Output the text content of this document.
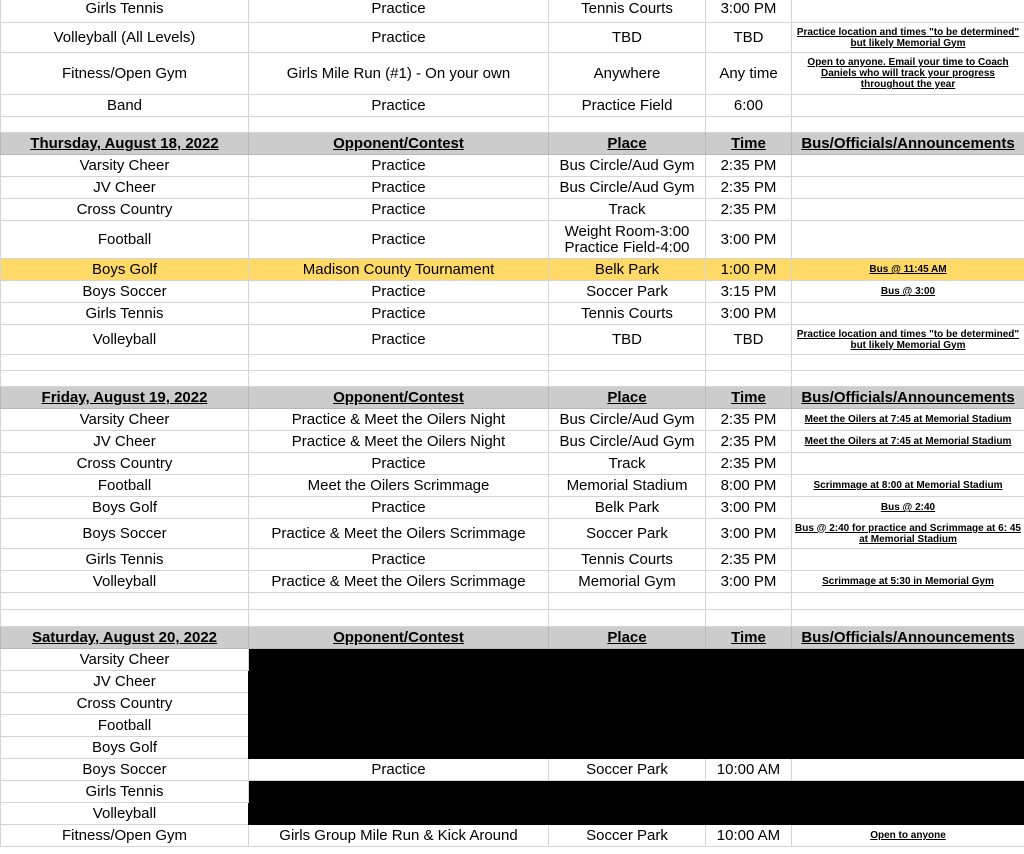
Girls Tennis	Practice	Tennis Courts	3:00 PM	
Volleyball (All Levels)	Practice	TBD	TBD	Practice location and times "to be determined" but likely Memorial Gym
Fitness/Open Gym	Girls Mile Run (#1) - On your own	Anywhere	Any time	Open to anyone. Email your time to Coach Daniels who will track your progress throughout the year
Band	Practice	Practice Field	6:00	

Thursday, August 18, 2022	Opponent/Contest	Place	Time	Bus/Officials/Announcements
Varsity Cheer	Practice	Bus Circle/Aud Gym	2:35 PM	
JV Cheer	Practice	Bus Circle/Aud Gym	2:35 PM	
Cross Country	Practice	Track	2:35 PM	
Football	Practice	Weight Room-3:00 Practice Field-4:00	3:00 PM	
Boys Golf	Madison County Tournament	Belk Park	1:00 PM	Bus @ 11:45 AM
Boys Soccer	Practice	Soccer Park	3:15 PM	Bus @ 3:00
Girls Tennis	Practice	Tennis Courts	3:00 PM	
Volleyball	Practice	TBD	TBD	Practice location and times "to be determined" but likely Memorial Gym

Friday, August 19, 2022	Opponent/Contest	Place	Time	Bus/Officials/Announcements
Varsity Cheer	Practice & Meet the Oilers Night	Bus Circle/Aud Gym	2:35 PM	Meet the Oilers at 7:45 at Memorial Stadium
JV Cheer	Practice & Meet the Oilers Night	Bus Circle/Aud Gym	2:35 PM	Meet the Oilers at 7:45 at Memorial Stadium
Cross Country	Practice	Track	2:35 PM	
Football	Meet the Oilers Scrimmage	Memorial Stadium	8:00 PM	Scrimmage at 8:00 at Memorial Stadium
Boys Golf	Practice	Belk Park	3:00 PM	Bus @ 2:40
Boys Soccer	Practice & Meet the Oilers Scrimmage	Soccer Park	3:00 PM	Bus @ 2:40 for practice and Scrimmage at 6: 45 at Memorial Stadium
Girls Tennis	Practice	Tennis Courts	2:35 PM	
Volleyball	Practice & Meet the Oilers Scrimmage	Memorial Gym	3:00 PM	Scrimmage at 5:30 in Memorial Gym

Saturday, August 20, 2022	Opponent/Contest	Place	Time	Bus/Officials/Announcements
Varsity Cheer				
JV Cheer				
Cross Country				
Football				
Boys Golf				
Boys Soccer	Practice	Soccer Park	10:00 AM	
Girls Tennis				
Volleyball				
Fitness/Open Gym	Girls Group Mile Run & Kick Around	Soccer Park	10:00 AM	Open to anyone
